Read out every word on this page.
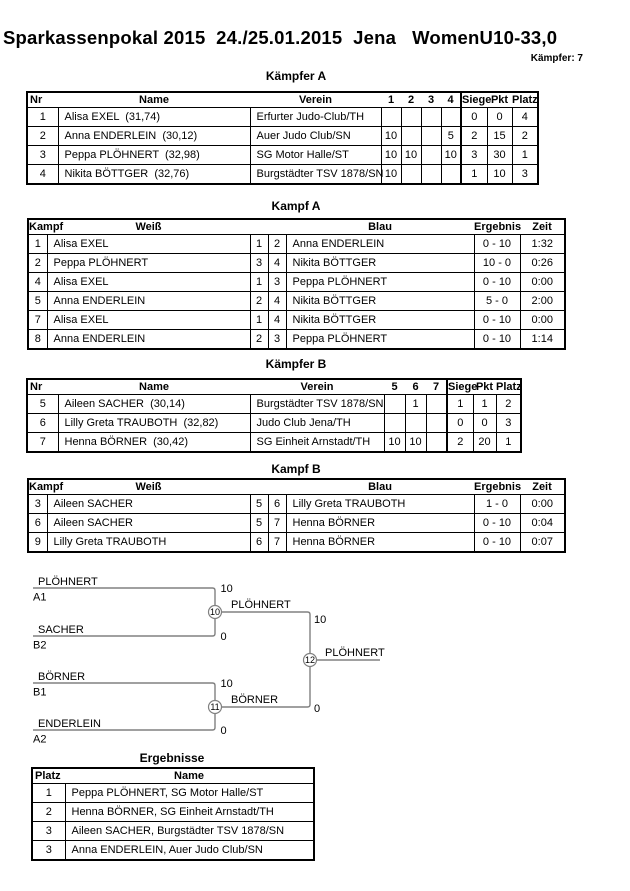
Sparkassenpokal 2015  24./25.01.2015  Jena   WomenU10-33,0
Kämpfer: 7
Kämpfer A
Nr	Name	Verein	1	2	3	4	Siege	Pkt	Platz
1	Alisa EXEL  (31,74)	Erfurter Judo-Club/TH					0	0	4
2	Anna ENDERLEIN  (30,12)	Auer Judo Club/SN	10			5	2	15	2
3	Peppa PLÖHNERT  (32,98)	SG Motor Halle/ST	10	10		10	3	30	1
4	Nikita BÖTTGER  (32,76)	Burgstädter TSV 1878/SN	10				1	10	3
Kampf A
Kampf	Weiß			Blau	Ergebnis	Zeit
1	Alisa EXEL	1	2	Anna ENDERLEIN	0 - 10	1:32
2	Peppa PLÖHNERT	3	4	Nikita BÖTTGER	10 - 0	0:26
4	Alisa EXEL	1	3	Peppa PLÖHNERT	0 - 10	0:00
5	Anna ENDERLEIN	2	4	Nikita BÖTTGER	5 - 0	2:00
7	Alisa EXEL	1	4	Nikita BÖTTGER	0 - 10	0:00
8	Anna ENDERLEIN	2	3	Peppa PLÖHNERT	0 - 10	1:14
Kämpfer B
Nr	Name	Verein	5	6	7	Siege	Pkt	Platz
5	Aileen SACHER  (30,14)	Burgstädter TSV 1878/SN		1		1	1	2
6	Lilly Greta TRAUBOTH  (32,82)	Judo Club Jena/TH				0	0	3
7	Henna BÖRNER  (30,42)	SG Einheit Arnstadt/TH	10	10		2	20	1
Kampf B
Kampf	Weiß			Blau	Ergebnis	Zeit
3	Aileen SACHER	5	6	Lilly Greta TRAUBOTH	1 - 0	0:00
6	Aileen SACHER	5	7	Henna BÖRNER	0 - 10	0:04
9	Lilly Greta TRAUBOTH	6	7	Henna BÖRNER	0 - 10	0:07
PLÖHNERT
A1
10
SACHER
B2
0
10
PLÖHNERT
10
BÖRNER
B1
10
ENDERLEIN
A2
0
11
BÖRNER
0
12
PLÖHNERT
Ergebnisse
Platz	Name
1	Peppa PLÖHNERT, SG Motor Halle/ST
2	Henna BÖRNER, SG Einheit Arnstadt/TH
3	Aileen SACHER, Burgstädter TSV 1878/SN
3	Anna ENDERLEIN, Auer Judo Club/SN
